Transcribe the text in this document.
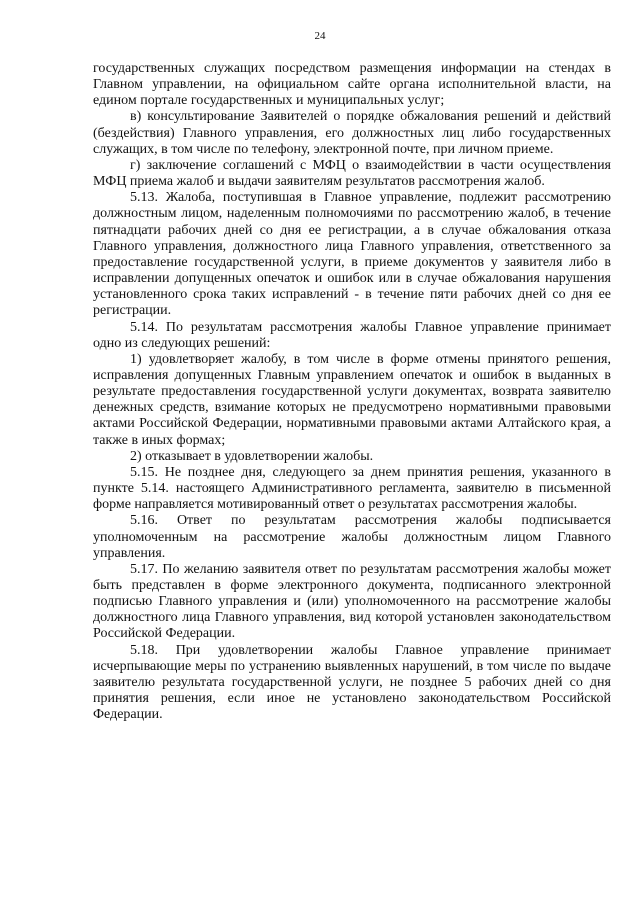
24

государственных служащих посредством размещения информации на стендах в Главном управлении, на официальном сайте органа исполнительной власти, на едином портале государственных и муниципальных услуг;

в) консультирование Заявителей о порядке обжалования решений и действий (бездействия) Главного управления, его должностных лиц либо государственных служащих, в том числе по телефону, электронной почте, при личном приеме.

г) заключение соглашений с МФЦ о взаимодействии в части осуществления МФЦ приема жалоб и выдачи заявителям результатов рассмотрения жалоб.

5.13. Жалоба, поступившая в Главное управление, подлежит рассмотрению должностным лицом, наделенным полномочиями по рассмотрению жалоб, в течение пятнадцати рабочих дней со дня ее регистрации, а в случае обжалования отказа Главного управления, должностного лица Главного управления, ответственного за предоставление государственной услуги, в приеме документов у заявителя либо в исправлении допущенных опечаток и ошибок или в случае обжалования нарушения установленного срока таких исправлений - в течение пяти рабочих дней со дня ее регистрации.

5.14. По результатам рассмотрения жалобы Главное управление принимает одно из следующих решений:

1) удовлетворяет жалобу, в том числе в форме отмены принятого решения, исправления допущенных Главным управлением опечаток и ошибок в выданных в результате предоставления государственной услуги документах, возврата заявителю денежных средств, взимание которых не предусмотрено нормативными правовыми актами Российской Федерации, нормативными правовыми актами Алтайского края, а также в иных формах;

2) отказывает в удовлетворении жалобы.

5.15. Не позднее дня, следующего за днем принятия решения, указанного в пункте 5.14. настоящего Административного регламента, заявителю в письменной форме направляется мотивированный ответ о результатах рассмотрения жалобы.

5.16. Ответ по результатам рассмотрения жалобы подписывается уполномоченным на рассмотрение жалобы должностным лицом Главного управления.

5.17. По желанию заявителя ответ по результатам рассмотрения жалобы может быть представлен в форме электронного документа, подписанного электронной подписью Главного управления и (или) уполномоченного на рассмотрение жалобы должностного лица Главного управления, вид которой установлен законодательством Российской Федерации.

5.18. При удовлетворении жалобы Главное управление принимает исчерпывающие меры по устранению выявленных нарушений, в том числе по выдаче заявителю результата государственной услуги, не позднее 5 рабочих дней со дня принятия решения, если иное не установлено законодательством Российской Федерации.
